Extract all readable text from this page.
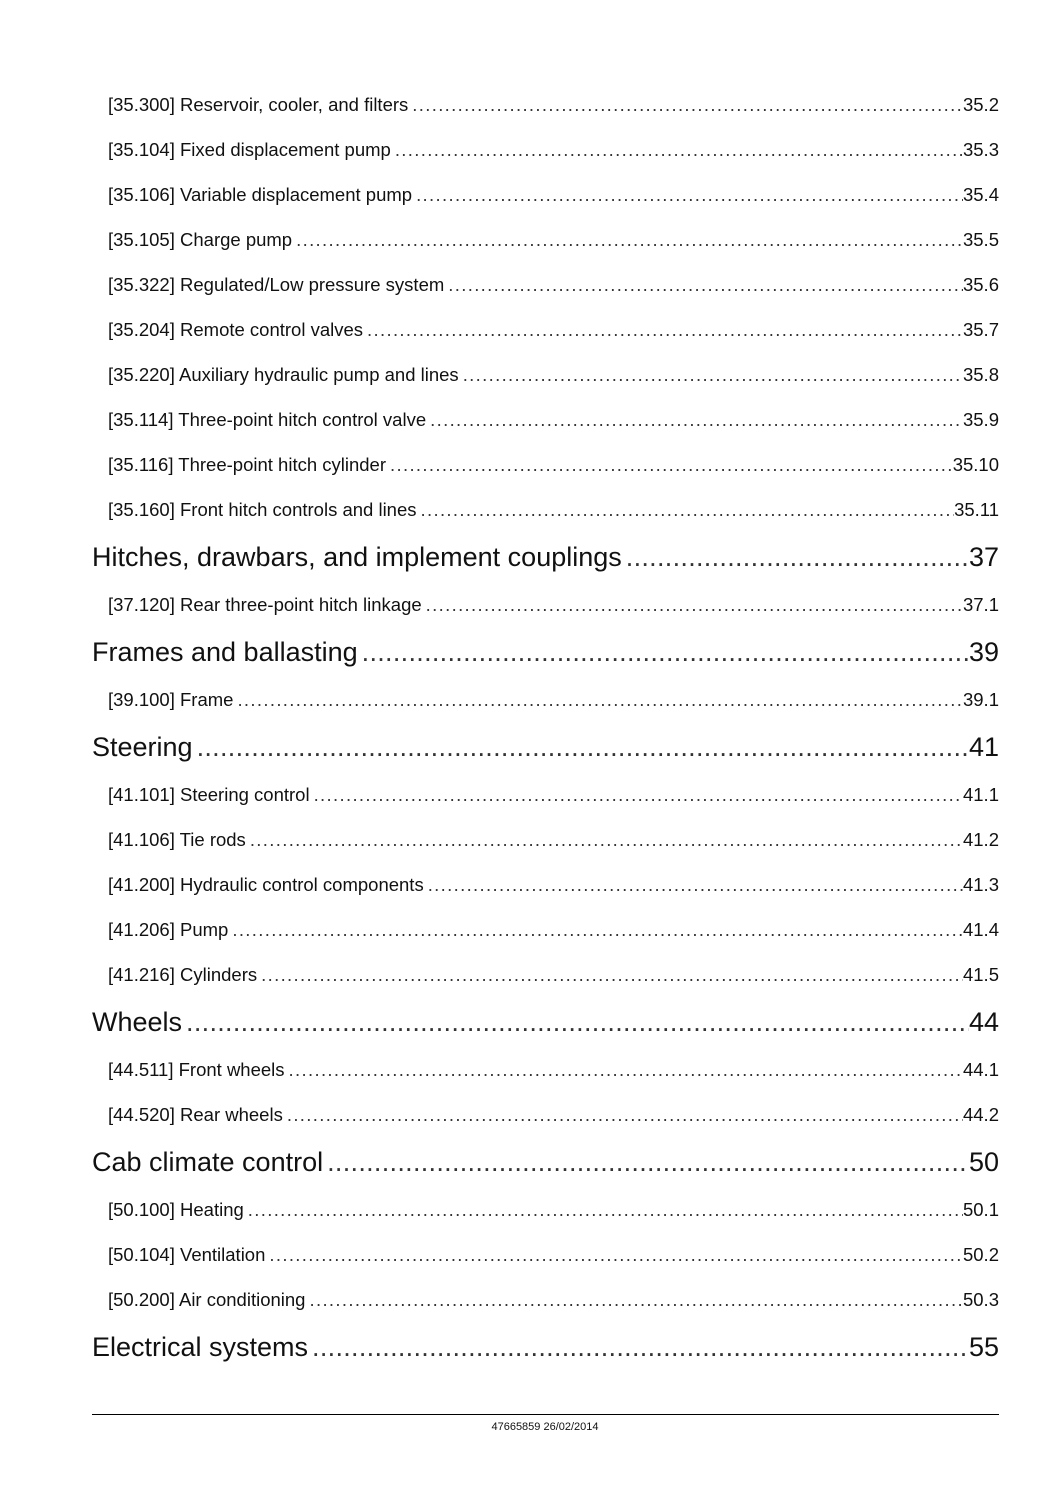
[35.300] Reservoir, cooler, and filters . . .	35.2
[35.104] Fixed displacement pump . . .	35.3
[35.106] Variable displacement pump . . .	35.4
[35.105] Charge pump . . .	35.5
[35.322] Regulated/Low pressure system . . .	35.6
[35.204] Remote control valves . . .	35.7
[35.220] Auxiliary hydraulic pump and lines . . .	35.8
[35.114] Three-point hitch control valve . . .	35.9
[35.116] Three-point hitch cylinder . . .	35.10
[35.160] Front hitch controls and lines . . .	35.11
Hitches, drawbars, and implement couplings . . .	37
[37.120] Rear three-point hitch linkage . . .	37.1
Frames and ballasting . . .	39
[39.100] Frame . . .	39.1
Steering . . .	41
[41.101] Steering control . . .	41.1
[41.106] Tie rods . . .	41.2
[41.200] Hydraulic control components . . .	41.3
[41.206] Pump . . .	41.4
[41.216] Cylinders . . .	41.5
Wheels . . .	44
[44.511] Front wheels . . .	44.1
[44.520] Rear wheels . . .	44.2
Cab climate control . . .	50
[50.100] Heating . . .	50.1
[50.104] Ventilation . . .	50.2
[50.200] Air conditioning . . .	50.3
Electrical systems . . .	55
47665859 26/02/2014
